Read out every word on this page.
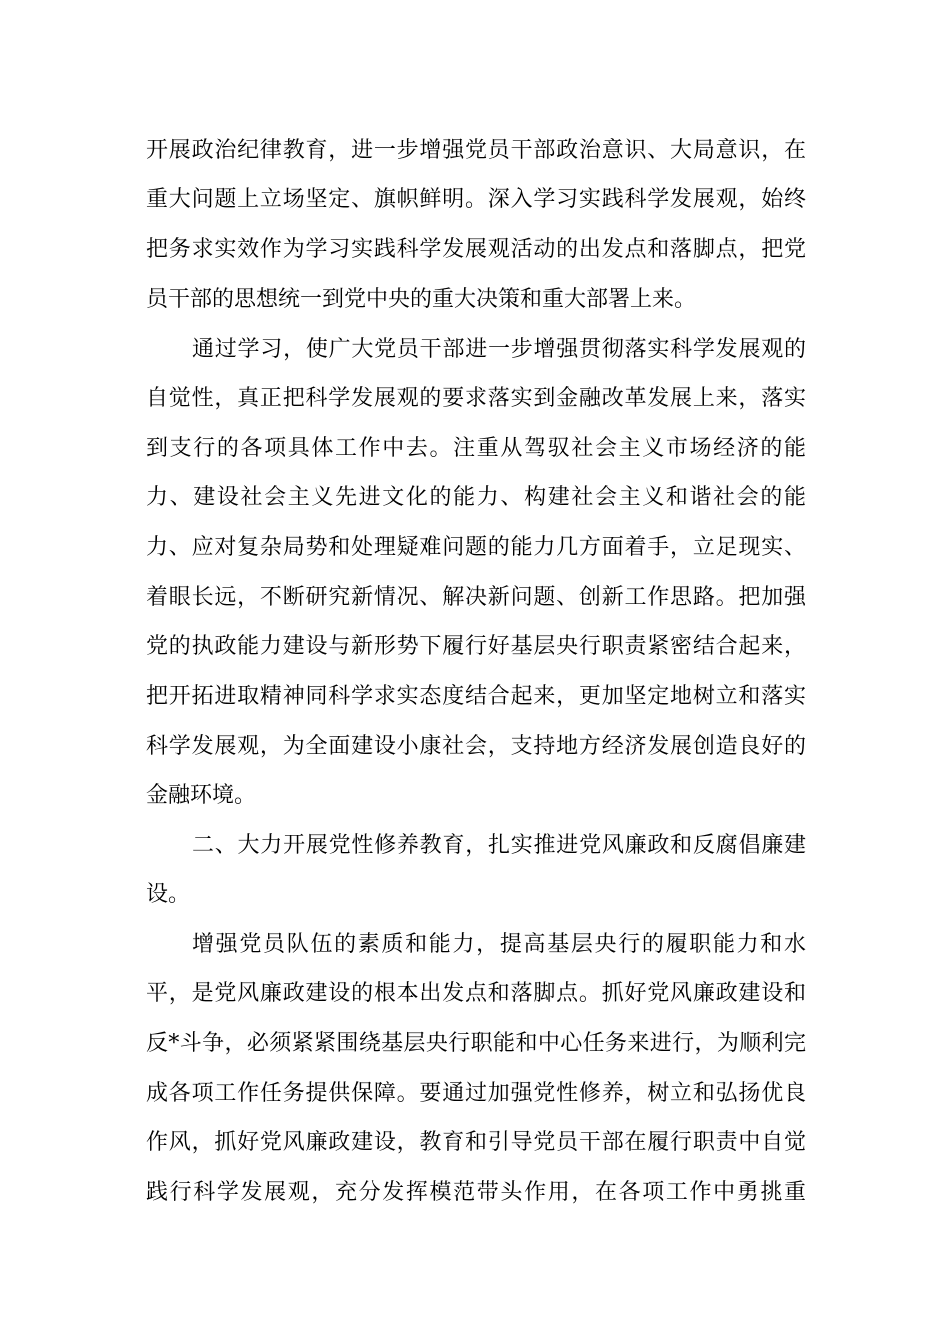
开展政治纪律教育，进一步增强党员干部政治意识、大局意识，在
重大问题上立场坚定、旗帜鲜明。深入学习实践科学发展观，始终
把务求实效作为学习实践科学发展观活动的出发点和落脚点，把党
员干部的思想统一到党中央的重大决策和重大部署上来。
通过学习，使广大党员干部进一步增强贯彻落实科学发展观的
自觉性，真正把科学发展观的要求落实到金融改革发展上来，落实
到支行的各项具体工作中去。注重从驾驭社会主义市场经济的能
力、建设社会主义先进文化的能力、构建社会主义和谐社会的能
力、应对复杂局势和处理疑难问题的能力几方面着手，立足现实、
着眼长远，不断研究新情况、解决新问题、创新工作思路。把加强
党的执政能力建设与新形势下履行好基层央行职责紧密结合起来，
把开拓进取精神同科学求实态度结合起来，更加坚定地树立和落实
科学发展观，为全面建设小康社会，支持地方经济发展创造良好的
金融环境。
二、大力开展党性修养教育，扎实推进党风廉政和反腐倡廉建
设。
增强党员队伍的素质和能力，提高基层央行的履职能力和水
平，是党风廉政建设的根本出发点和落脚点。抓好党风廉政建设和
反*斗争，必须紧紧围绕基层央行职能和中心任务来进行，为顺利完
成各项工作任务提供保障。要通过加强党性修养，树立和弘扬优良
作风，抓好党风廉政建设，教育和引导党员干部在履行职责中自觉
践行科学发展观，充分发挥模范带头作用，在各项工作中勇挑重
